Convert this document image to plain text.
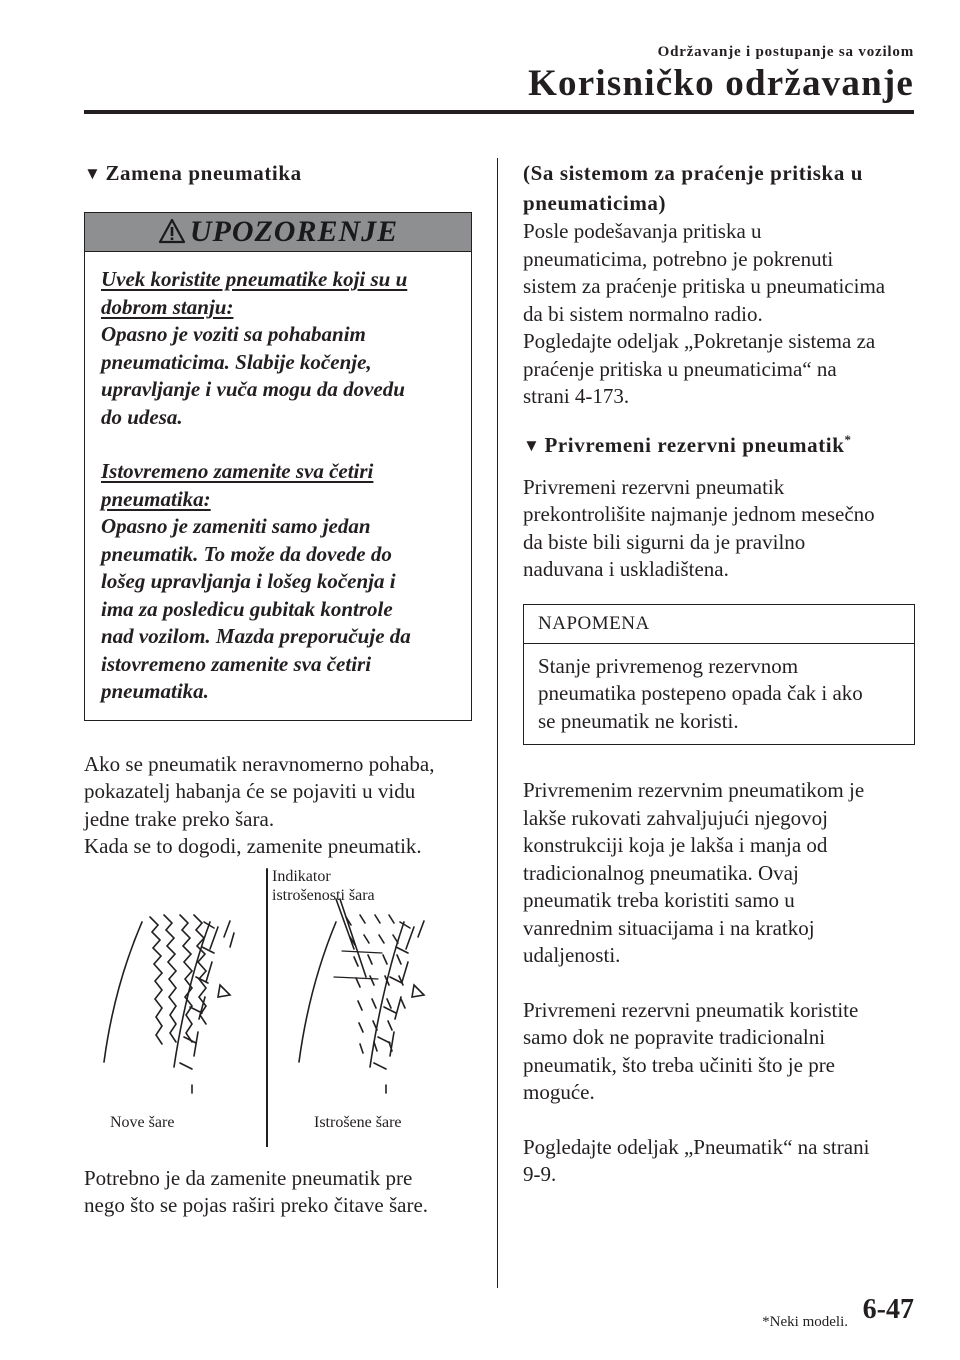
Održavanje i postupanje sa vozilom
Korisničko održavanje
▼ Zamena pneumatika
UPOZORENJE

Uvek koristite pneumatike koji su u
dobrom stanju:

Opasno je voziti sa pohabanim
pneumaticima. Slabije kočenje,
upravljanje i vuča mogu da dovedu
do udesa.

Istovremeno zamenite sva četiri
pneumatika:

Opasno je zameniti samo jedan
pneumatik. To može da dovede do
lošeg upravljanja i lošeg kočenja i
ima za posledicu gubitak kontrole
nad vozilom. Mazda preporučuje da
istovremeno zamenite sva četiri
pneumatika.

Ako se pneumatik neravnomerno pohaba,
pokazatelj habanja će se pojaviti u vidu
jedne trake preko šara.
Kada se to dogodi, zamenite pneumatik.

Indikator
istrošenosti šara
Nove šare	Istrošene šare

Potrebno je da zamenite pneumatik pre
nego što se pojas raširi preko čitave šare.

(Sa sistemom za praćenje pritiska u
pneumaticima)

Posle podešavanja pritiska u
pneumaticima, potrebno je pokrenuti
sistem za praćenje pritiska u pneumaticima
da bi sistem normalno radio.
Pogledajte odeljak „Pokretanje sistema za
praćenje pritiska u pneumaticima“ na
strani 4-173.

▼ Privremeni rezervni pneumatik*

Privremeni rezervni pneumatik
prekontrolišite najmanje jednom mesečno
da biste bili sigurni da je pravilno
naduvana i uskladištena.

NAPOMENA
Stanje privremenog rezervnom
pneumatika postepeno opada čak i ako
se pneumatik ne koristi.

Privremenim rezervnim pneumatikom je
lakše rukovati zahvaljujući njegovoj
konstrukciji koja je lakša i manja od
tradicionalnog pneumatika. Ovaj
pneumatik treba koristiti samo u
vanrednim situacijama i na kratkoj
udaljenosti.

Privremeni rezervni pneumatik koristite
samo dok ne popravite tradicionalni
pneumatik, što treba učiniti što je pre
moguće.

Pogledajte odeljak „Pneumatik“ na strani
9-9.

*Neki modeli. 6-47
